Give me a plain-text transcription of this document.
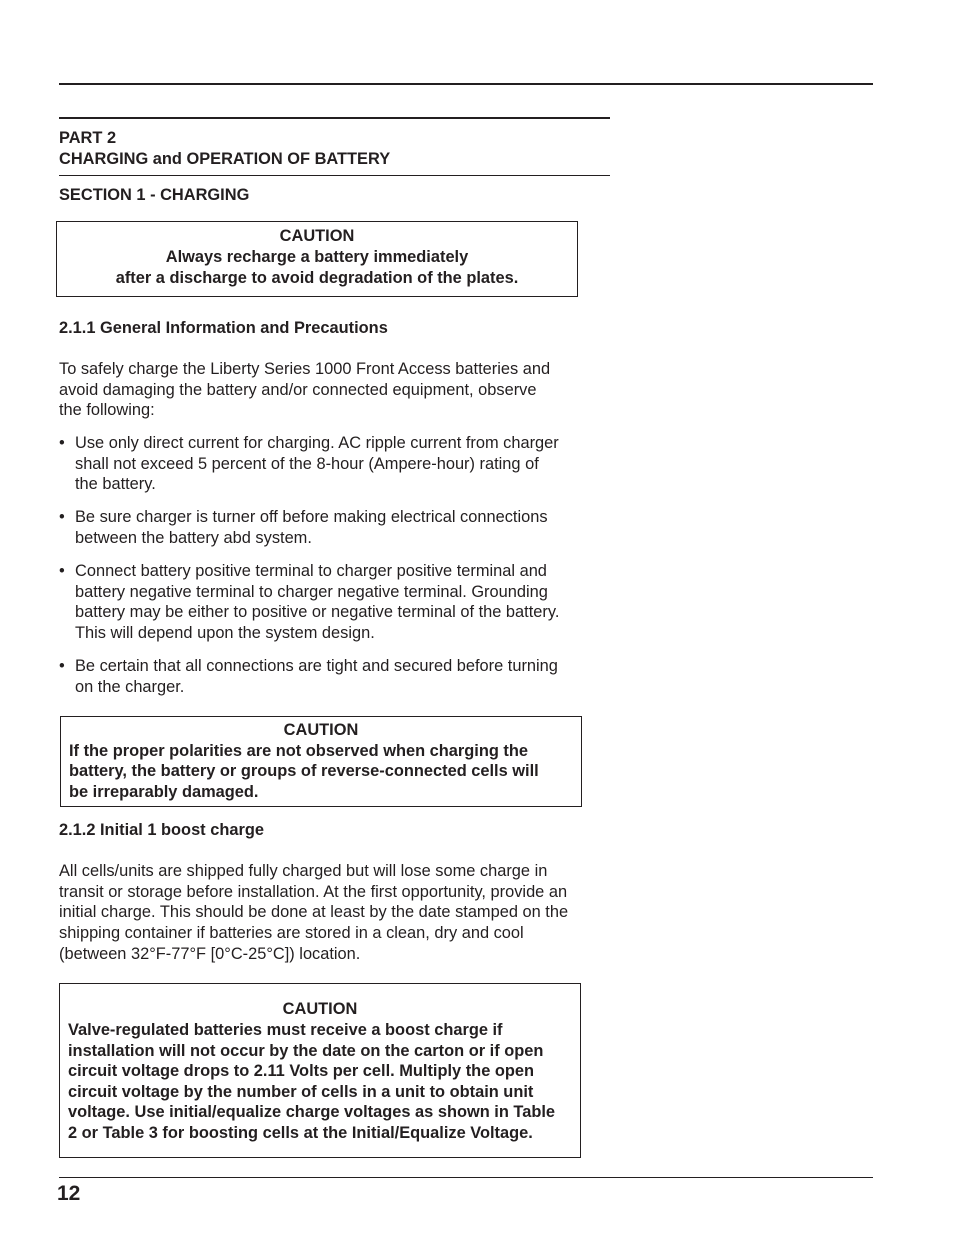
PART 2
CHARGING and OPERATION OF BATTERY
SECTION 1 - CHARGING
CAUTION
Always recharge a battery immediately
after a discharge to avoid degradation of the plates.
2.1.1 General Information and Precautions
To safely charge the Liberty Series 1000 Front Access batteries and
avoid damaging the battery and/or connected equipment, observe
the following:
• Use only direct current for charging. AC ripple current from charger
shall not exceed 5 percent of the 8-hour (Ampere-hour) rating of
the battery.
• Be sure charger is turner off before making electrical connections
between the battery abd system.
• Connect battery positive terminal to charger positive terminal and
battery negative terminal to charger negative terminal. Grounding
battery may be either to positive or negative terminal of the battery.
This will depend upon the system design.
• Be certain that all connections are tight and secured before turning
on the charger.
CAUTION
If the proper polarities are not observed when charging the
battery, the battery or groups of reverse-connected cells will
be irreparably damaged.
2.1.2 Initial 1 boost charge
All cells/units are shipped fully charged but will lose some charge in
transit or storage before installation. At the first opportunity, provide an
initial charge. This should be done at least by the date stamped on the
shipping container if batteries are stored in a clean, dry and cool
(between 32°F-77°F [0°C-25°C]) location.
CAUTION
Valve-regulated batteries must receive a boost charge if
installation will not occur by the date on the carton or if open
circuit voltage drops to 2.11 Volts per cell. Multiply the open
circuit voltage by the number of cells in a unit to obtain unit
voltage. Use initial/equalize charge voltages as shown in Table
2 or Table 3 for boosting cells at the Initial/Equalize Voltage.
12
